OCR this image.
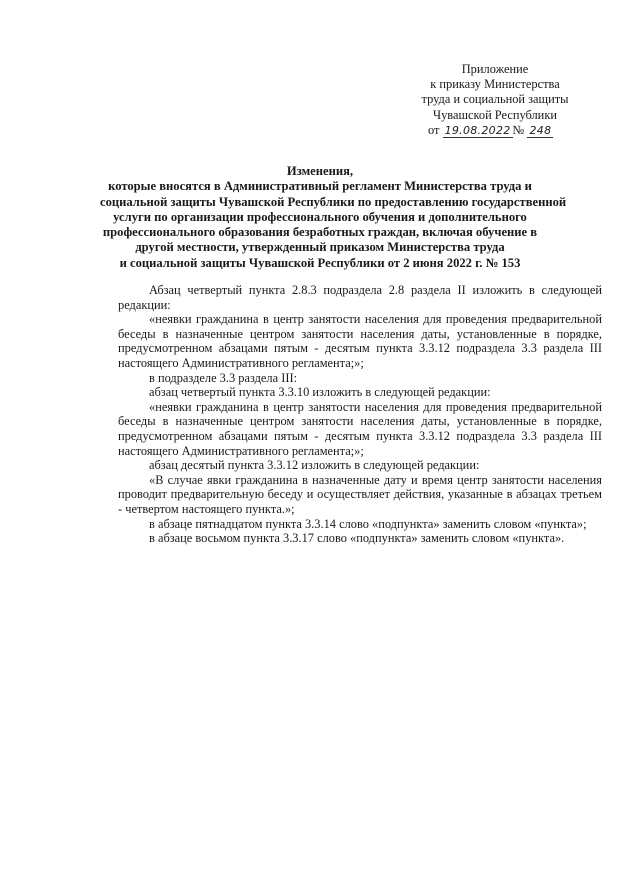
Приложение
к приказу Министерства
труда и социальной защиты
Чувашской Республики
от 19.08.2022 № 248
Изменения,
которые вносятся в Административный регламент Министерства труда и
социальной защиты Чувашской Республики по предоставлению государственной
услуги по организации профессионального обучения и дополнительного
профессионального образования безработных граждан, включая обучение в
другой местности, утвержденный приказом Министерства труда
и социальной защиты Чувашской Республики от 2 июня 2022 г. № 153

Абзац четвертый пункта 2.8.3 подраздела 2.8 раздела II изложить в следующей редакции:

«неявки гражданина в центр занятости населения для проведения предварительной беседы в назначенные центром занятости населения даты, установленные в порядке, предусмотренном абзацами пятым - десятым пункта 3.3.12 подраздела 3.3 раздела III настоящего Административного регламента;»;

в подразделе 3.3 раздела III:

абзац четвертый пункта 3.3.10 изложить в следующей редакции:

«неявки гражданина в центр занятости населения для проведения предварительной беседы в назначенные центром занятости населения даты, установленные в порядке, предусмотренном абзацами пятым - десятым пункта 3.3.12 подраздела 3.3 раздела III настоящего Административного регламента;»;

абзац десятый пункта 3.3.12 изложить в следующей редакции:

«В случае явки гражданина в назначенные дату и время центр занятости населения проводит предварительную беседу и осуществляет действия, указанные в абзацах третьем - четвертом настоящего пункта.»;

в абзаце пятнадцатом пункта 3.3.14 слово «подпункта» заменить словом «пункта»;

в абзаце восьмом пункта 3.3.17 слово «подпункта» заменить словом «пункта».
